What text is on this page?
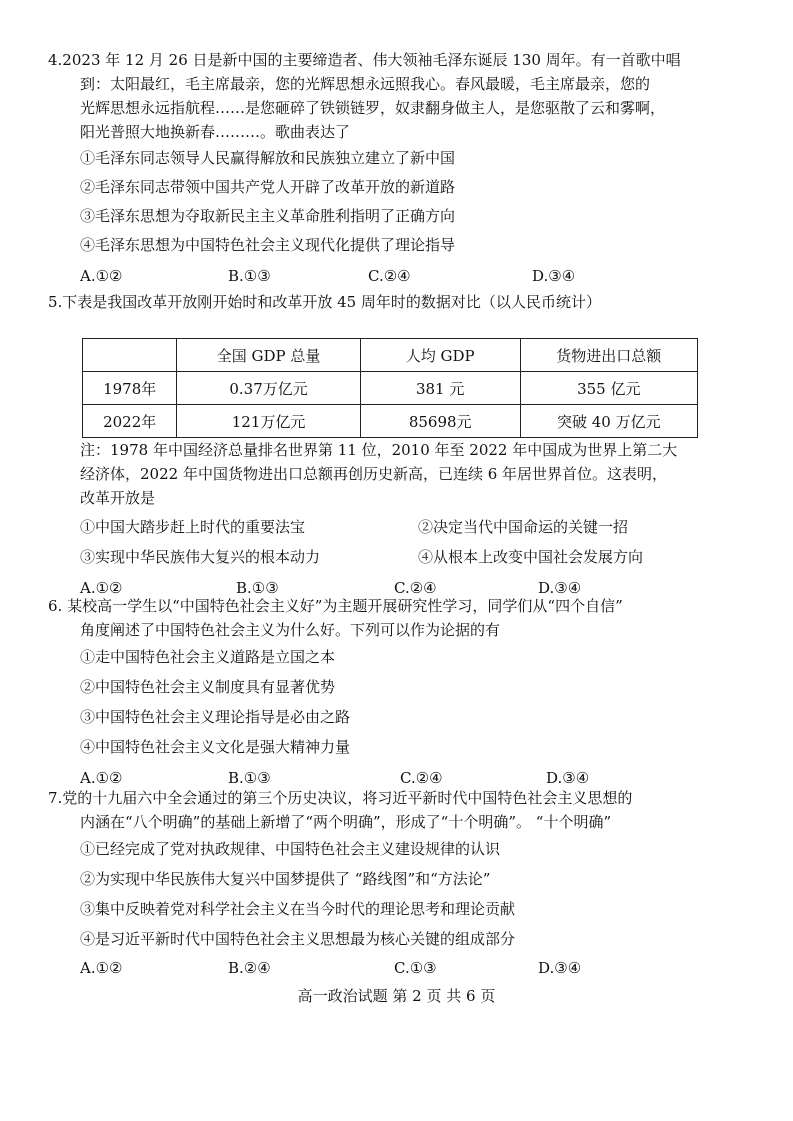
4.2023 年 12 月 26 日是新中国的主要缔造者、伟大领袖毛泽东诞辰 130 周年。有一首歌中唱
到：太阳最红，毛主席最亲，您的光辉思想永远照我心。春风最暖，毛主席最亲，您的
光辉思想永远指航程……是您砸碎了铁锁链罗，奴隶翻身做主人，是您驱散了云和雾啊，
阳光普照大地换新春………。歌曲表达了
①毛泽东同志领导人民赢得解放和民族独立建立了新中国
②毛泽东同志带领中国共产党人开辟了改革开放的新道路
③毛泽东思想为夺取新民主主义革命胜利指明了正确方向
④毛泽东思想为中国特色社会主义现代化提供了理论指导
A.①②	B.①③	C.②④	D.③④
5.下表是我国改革开放刚开始时和改革开放 45 周年时的数据对比（以人民币统计）
	全国 GDP 总量	人均 GDP	货物进出口总额
1978年	0.37万亿元	381 元	355 亿元
2022年	121万亿元	85698元	突破 40 万亿元
注：1978 年中国经济总量排名世界第 11 位，2010 年至 2022 年中国成为世界上第二大
经济体，2022 年中国货物进出口总额再创历史新高，已连续 6 年居世界首位。这表明，
改革开放是
①中国大踏步赶上时代的重要法宝	②决定当代中国命运的关键一招
③实现中华民族伟大复兴的根本动力	④从根本上改变中国社会发展方向
A.①②	B.①③	C.②④	D.③④
6. 某校高一学生以“中国特色社会主义好”为主题开展研究性学习，同学们从“四个自信”
角度阐述了中国特色社会主义为什么好。下列可以作为论据的有
①走中国特色社会主义道路是立国之本
②中国特色社会主义制度具有显著优势
③中国特色社会主义理论指导是必由之路
④中国特色社会主义文化是强大精神力量
A.①②	B.①③	C.②④	D.③④
7.党的十九届六中全会通过的第三个历史决议，将习近平新时代中国特色社会主义思想的
内涵在“八个明确”的基础上新增了“两个明确”，形成了“十个明确”。 “十个明确”
①已经完成了党对执政规律、中国特色社会主义建设规律的认识
②为实现中华民族伟大复兴中国梦提供了 “路线图”和“方法论”
③集中反映着党对科学社会主义在当今时代的理论思考和理论贡献
④是习近平新时代中国特色社会主义思想最为核心关键的组成部分
A.①②	B.②④	C.①③	D.③④
高一政治试题 第 2 页 共 6 页
